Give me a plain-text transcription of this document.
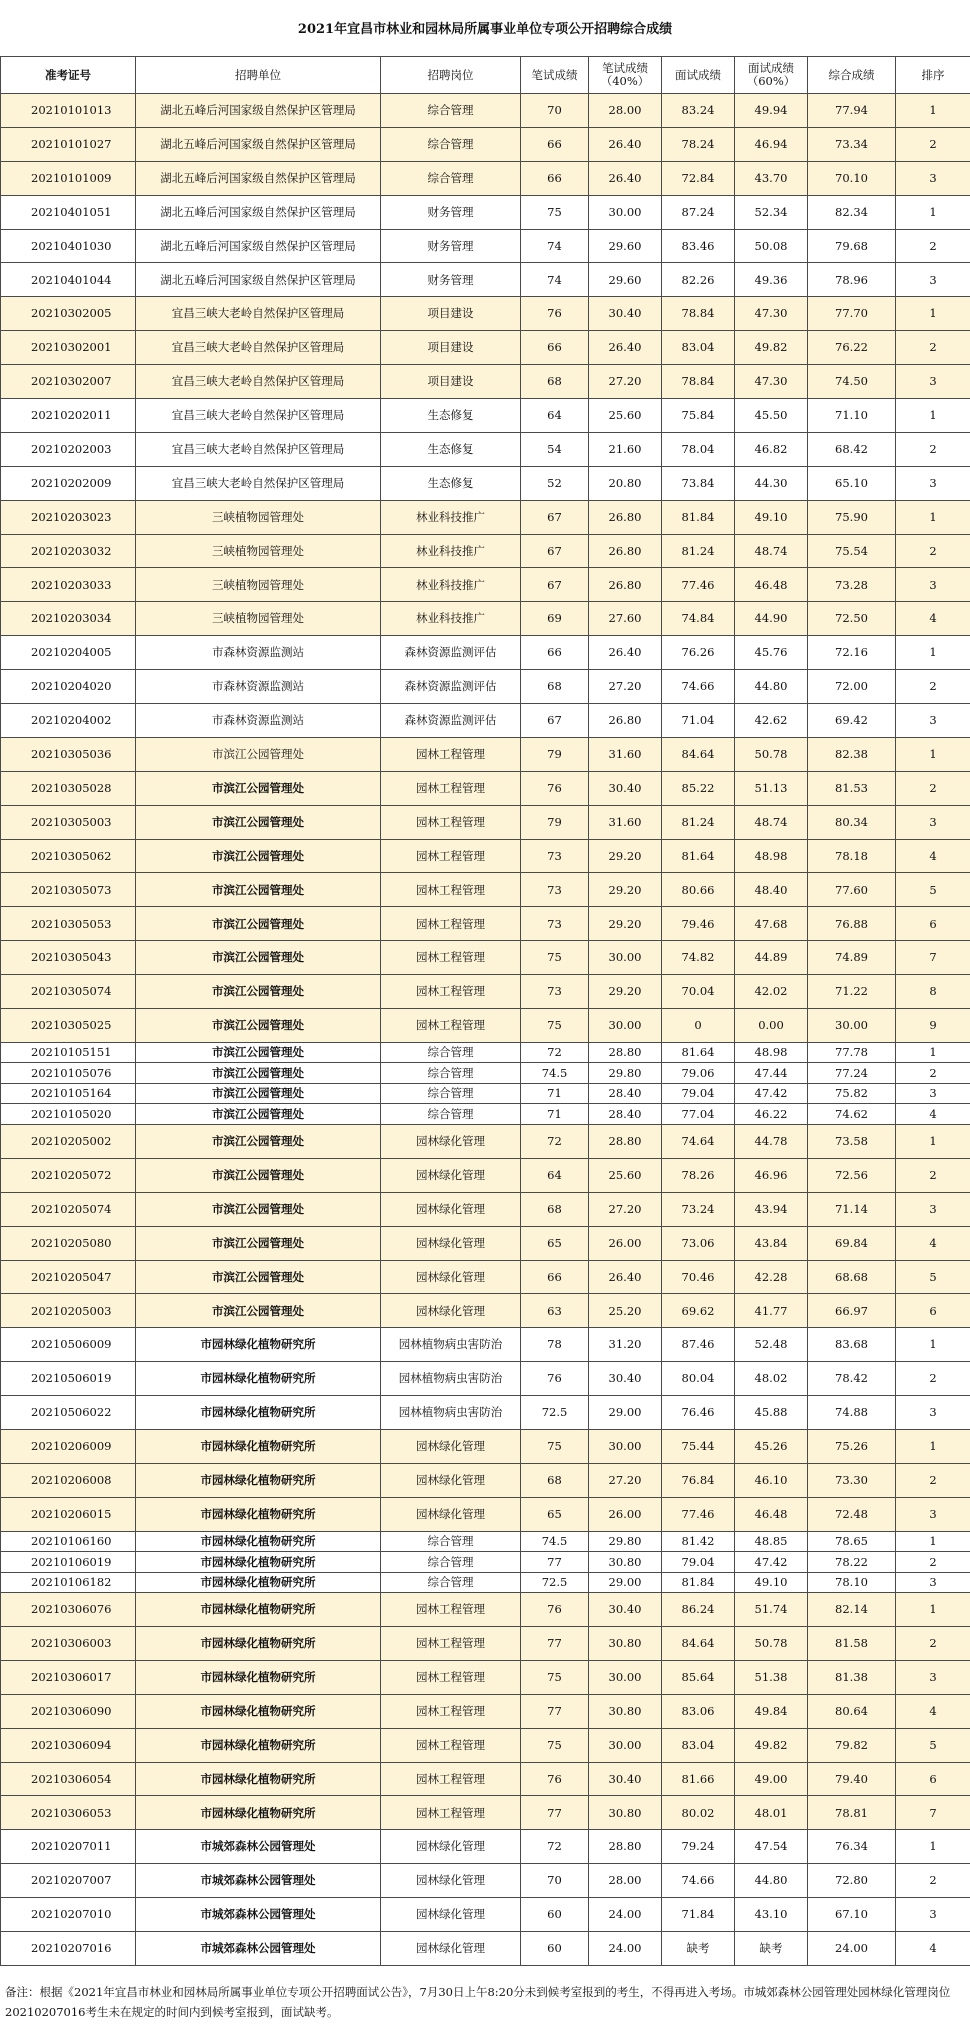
2021年宜昌市林业和园林局所属事业单位专项公开招聘综合成绩
准考证号	招聘单位	招聘岗位	笔试成绩	笔试成绩（40%）	面试成绩	面试成绩（60%）	综合成绩	排序
20210101013	湖北五峰后河国家级自然保护区管理局	综合管理	70	28.00	83.24	49.94	77.94	1
20210101027	湖北五峰后河国家级自然保护区管理局	综合管理	66	26.40	78.24	46.94	73.34	2
20210101009	湖北五峰后河国家级自然保护区管理局	综合管理	66	26.40	72.84	43.70	70.10	3
20210401051	湖北五峰后河国家级自然保护区管理局	财务管理	75	30.00	87.24	52.34	82.34	1
20210401030	湖北五峰后河国家级自然保护区管理局	财务管理	74	29.60	83.46	50.08	79.68	2
20210401044	湖北五峰后河国家级自然保护区管理局	财务管理	74	29.60	82.26	49.36	78.96	3
20210302005	宜昌三峡大老岭自然保护区管理局	项目建设	76	30.40	78.84	47.30	77.70	1
20210302001	宜昌三峡大老岭自然保护区管理局	项目建设	66	26.40	83.04	49.82	76.22	2
20210302007	宜昌三峡大老岭自然保护区管理局	项目建设	68	27.20	78.84	47.30	74.50	3
20210202011	宜昌三峡大老岭自然保护区管理局	生态修复	64	25.60	75.84	45.50	71.10	1
20210202003	宜昌三峡大老岭自然保护区管理局	生态修复	54	21.60	78.04	46.82	68.42	2
20210202009	宜昌三峡大老岭自然保护区管理局	生态修复	52	20.80	73.84	44.30	65.10	3
20210203023	三峡植物园管理处	林业科技推广	67	26.80	81.84	49.10	75.90	1
20210203032	三峡植物园管理处	林业科技推广	67	26.80	81.24	48.74	75.54	2
20210203033	三峡植物园管理处	林业科技推广	67	26.80	77.46	46.48	73.28	3
20210203034	三峡植物园管理处	林业科技推广	69	27.60	74.84	44.90	72.50	4
20210204005	市森林资源监测站	森林资源监测评估	66	26.40	76.26	45.76	72.16	1
20210204020	市森林资源监测站	森林资源监测评估	68	27.20	74.66	44.80	72.00	2
20210204002	市森林资源监测站	森林资源监测评估	67	26.80	71.04	42.62	69.42	3
20210305036	市滨江公园管理处	园林工程管理	79	31.60	84.64	50.78	82.38	1
20210305028	市滨江公园管理处	园林工程管理	76	30.40	85.22	51.13	81.53	2
20210305003	市滨江公园管理处	园林工程管理	79	31.60	81.24	48.74	80.34	3
20210305062	市滨江公园管理处	园林工程管理	73	29.20	81.64	48.98	78.18	4
20210305073	市滨江公园管理处	园林工程管理	73	29.20	80.66	48.40	77.60	5
20210305053	市滨江公园管理处	园林工程管理	73	29.20	79.46	47.68	76.88	6
20210305043	市滨江公园管理处	园林工程管理	75	30.00	74.82	44.89	74.89	7
20210305074	市滨江公园管理处	园林工程管理	73	29.20	70.04	42.02	71.22	8
20210305025	市滨江公园管理处	园林工程管理	75	30.00	0	0.00	30.00	9
20210105151	市滨江公园管理处	综合管理	72	28.80	81.64	48.98	77.78	1
20210105076	市滨江公园管理处	综合管理	74.5	29.80	79.06	47.44	77.24	2
20210105164	市滨江公园管理处	综合管理	71	28.40	79.04	47.42	75.82	3
20210105020	市滨江公园管理处	综合管理	71	28.40	77.04	46.22	74.62	4
20210205002	市滨江公园管理处	园林绿化管理	72	28.80	74.64	44.78	73.58	1
20210205072	市滨江公园管理处	园林绿化管理	64	25.60	78.26	46.96	72.56	2
20210205074	市滨江公园管理处	园林绿化管理	68	27.20	73.24	43.94	71.14	3
20210205080	市滨江公园管理处	园林绿化管理	65	26.00	73.06	43.84	69.84	4
20210205047	市滨江公园管理处	园林绿化管理	66	26.40	70.46	42.28	68.68	5
20210205003	市滨江公园管理处	园林绿化管理	63	25.20	69.62	41.77	66.97	6
20210506009	市园林绿化植物研究所	园林植物病虫害防治	78	31.20	87.46	52.48	83.68	1
20210506019	市园林绿化植物研究所	园林植物病虫害防治	76	30.40	80.04	48.02	78.42	2
20210506022	市园林绿化植物研究所	园林植物病虫害防治	72.5	29.00	76.46	45.88	74.88	3
20210206009	市园林绿化植物研究所	园林绿化管理	75	30.00	75.44	45.26	75.26	1
20210206008	市园林绿化植物研究所	园林绿化管理	68	27.20	76.84	46.10	73.30	2
20210206015	市园林绿化植物研究所	园林绿化管理	65	26.00	77.46	46.48	72.48	3
20210106160	市园林绿化植物研究所	综合管理	74.5	29.80	81.42	48.85	78.65	1
20210106019	市园林绿化植物研究所	综合管理	77	30.80	79.04	47.42	78.22	2
20210106182	市园林绿化植物研究所	综合管理	72.5	29.00	81.84	49.10	78.10	3
20210306076	市园林绿化植物研究所	园林工程管理	76	30.40	86.24	51.74	82.14	1
20210306003	市园林绿化植物研究所	园林工程管理	77	30.80	84.64	50.78	81.58	2
20210306017	市园林绿化植物研究所	园林工程管理	75	30.00	85.64	51.38	81.38	3
20210306090	市园林绿化植物研究所	园林工程管理	77	30.80	83.06	49.84	80.64	4
20210306094	市园林绿化植物研究所	园林工程管理	75	30.00	83.04	49.82	79.82	5
20210306054	市园林绿化植物研究所	园林工程管理	76	30.40	81.66	49.00	79.40	6
20210306053	市园林绿化植物研究所	园林工程管理	77	30.80	80.02	48.01	78.81	7
20210207011	市城郊森林公园管理处	园林绿化管理	72	28.80	79.24	47.54	76.34	1
20210207007	市城郊森林公园管理处	园林绿化管理	70	28.00	74.66	44.80	72.80	2
20210207010	市城郊森林公园管理处	园林绿化管理	60	24.00	71.84	43.10	67.10	3
20210207016	市城郊森林公园管理处	园林绿化管理	60	24.00	缺考	缺考	24.00	4
备注：根据《2021年宜昌市林业和园林局所属事业单位专项公开招聘面试公告》，7月30日上午8:20分未到候考室报到的考生，不得再进入考场。市城郊森林公园管理处园林绿化管理岗位20210207016考生未在规定的时间内到候考室报到，面试缺考。
